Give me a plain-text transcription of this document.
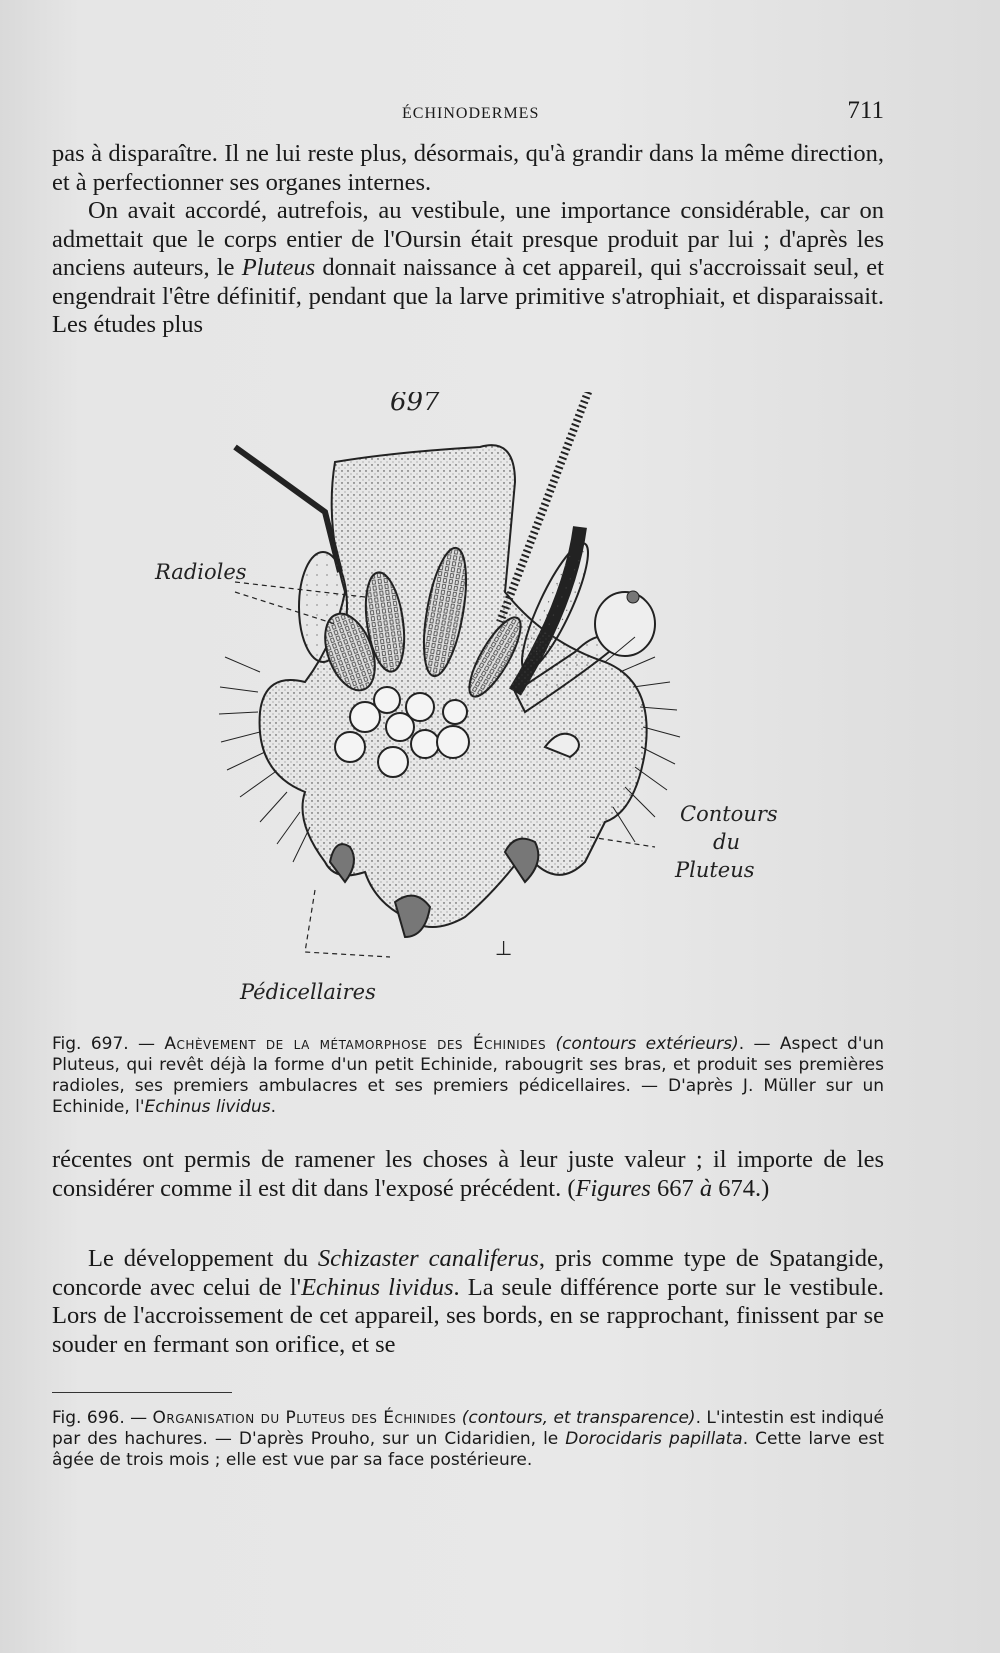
ÉCHINODERMES	711

pas à disparaître. Il ne lui reste plus, désormais, qu'à grandir dans la même direction, et à perfectionner ses organes internes.

On avait accordé, autrefois, au vestibule, une importance considérable, car on admettait que le corps entier de l'Oursin était presque produit par lui ; d'après les anciens auteurs, le Pluteus donnait naissance à cet appareil, qui s'accroissait seul, et engendrait l'être définitif, pendant que la larve primitive s'atrophiait, et disparaissait. Les études plus

697
⊥
Radioles
Contours
du
Pluteus
Pédicellaires
Fig. 697. — Achèvement de la métamorphose des Échinides (contours extérieurs). — Aspect d'un Pluteus, qui revêt déjà la forme d'un petit Echinide, rabougrit ses bras, et produit ses premières radioles, ses premiers ambulacres et ses premiers pédicellaires. — D'après J. Müller sur un Echinide, l'Echinus lividus.

récentes ont permis de ramener les choses à leur juste valeur ; il importe de les considérer comme il est dit dans l'exposé précédent. (Figures 667 à 674.)

Le développement du Schizaster canaliferus, pris comme type de Spatangide, concorde avec celui de l'Echinus lividus. La seule différence porte sur le vestibule. Lors de l'accroissement de cet appareil, ses bords, en se rapprochant, finissent par se souder en fermant son orifice, et se

Fig. 696. — Organisation du Pluteus des Échinides (contours, et transparence). L'intestin est indiqué par des hachures. — D'après Prouho, sur un Cidaridien, le Dorocidaris papillata. Cette larve est âgée de trois mois ; elle est vue par sa face postérieure.
